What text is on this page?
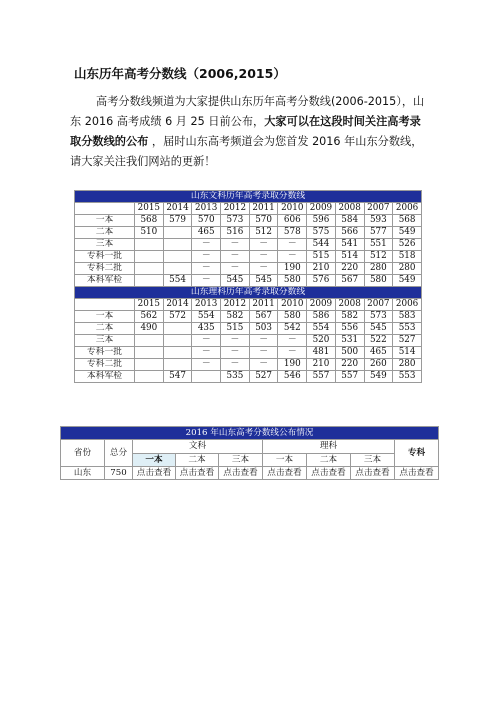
山东历年高考分数线（2006,2015）
高考分数线频道为大家提供山东历年高考分数线(2006-2015），山东 2016 高考成绩 6 月 25 日前公布，大家可以在这段时间关注高考录取分数线的公布 ，届时山东高考频道会为您首发 2016 年山东分数线，请大家关注我们网站的更新！
山东文科历年高考录取分数线										
	2015	2014	2013	2012	2011	2010	2009	2008	2007	2006
一本	568	579	570	573	570	606	596	584	593	568
二本	510		465	516	512	578	575	566	577	549
三本			－	－	－	－	544	541	551	526
专科一批			－	－	－	－	515	514	512	518
专科二批			－	－	－	190	210	220	280	280
本科军检		554	－	545	545	580	576	567	580	549
山东理科历年高考录取分数线										
	2015	2014	2013	2012	2011	2010	2009	2008	2007	2006
一本	562	572	554	582	567	580	586	582	573	583
二本	490		435	515	503	542	554	556	545	553
三本			－	－	－	－	520	531	522	527
专科一批			－	－	－	－	481	500	465	514
专科二批			－	－	－	190	210	220	260	280
本科军检		547		535	527	546	557	557	549	553
2016 年山东高考分数线公布情况								
省份	总分	文科			理科			专科
		一本	二本	三本	一本	二本	三本	
山东	750	点击查看	点击查看	点击查看	点击查看	点击查看	点击查看	点击查看
